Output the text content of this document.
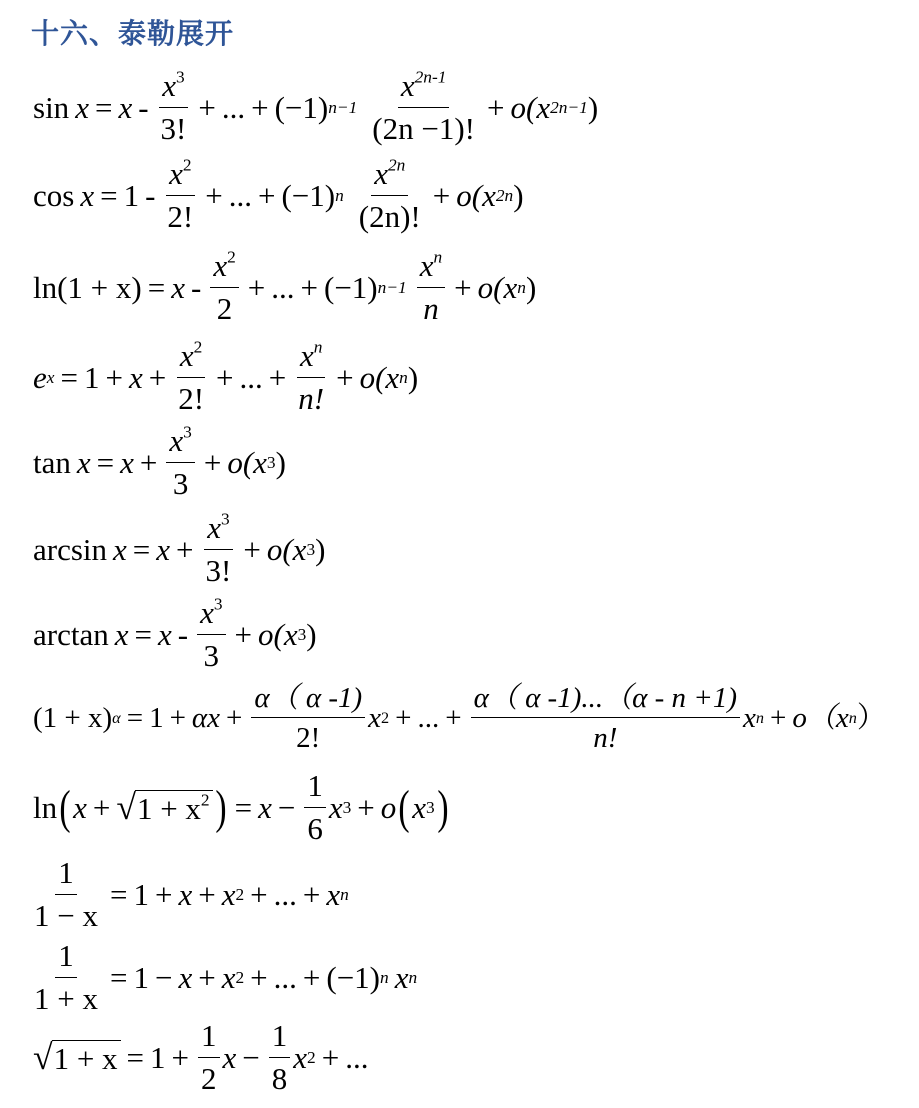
十六、泰勒展开
$\sin x = x - \frac{x^3}{3!}$ + ... + (−1) $n-1 \frac{x^{2n-1}}{(2n -1)!} + o$( x 2n−1 )
$\cos x = 1 - \frac{x^2}{2!}$ + ... + (−1) n $\frac{x^{2n}}{(2n)!} + o$( x 2n )
$\ln(1 + x) = x - \frac{x^2}{2}$ + ... + (−1) $n-1 \frac{x^n}{n} + o$( x n )
e $x = 1 + x + \frac{x^2}{2!}$ + ... + $\frac{x^n}{n!} + o$( x n )
$\tan x = x + \frac{x^3}{3} + o$( x 3 )
$\arcsin x = x + \frac{x^3}{3!} + o$( x 3 )
$\arctan x = x - \frac{x^3}{3} + o$( x 3 )
(1 + x) $\alpha = 1 + \alpha x + \frac{\alpha( \alpha -1)}{2!}$ x 2 + ... + $\frac{\alpha( \alpha -1)...(\alpha - n +1)}{n!}$ x n + o（ x n ）
ln ( x + √ $1 + x^2$ ) = $x - \frac{1}{6}$ x 3 + o ( x 3 )
$\frac{1}{1 - x} = 1 + x + x$ 2 + ... + x n
$\frac{1}{1 + x} = 1 - x + x$ 2 + ... + (−1) n x n
√ $1 + x = 1 + \frac{1}{2}$ $x - \frac{1}{8}$ x 2 + ...
